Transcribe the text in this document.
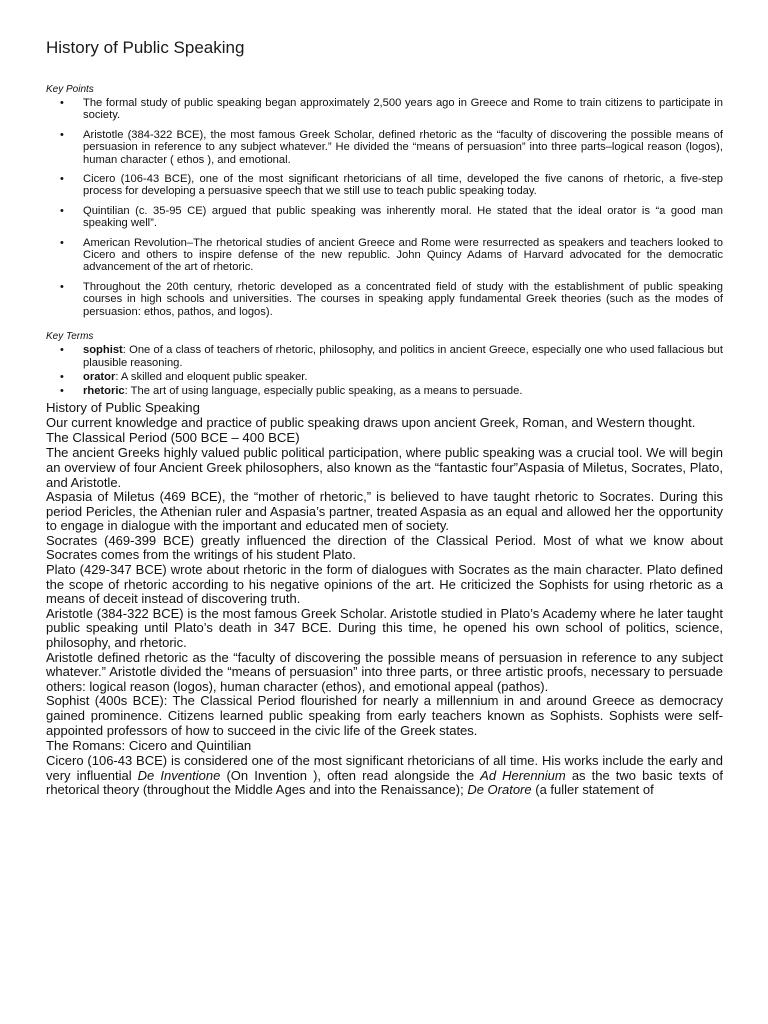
History of Public Speaking
Key Points
• The formal study of public speaking began approximately 2,500 years ago in Greece and Rome to train citizens to participate in society.
• Aristotle (384-322 BCE), the most famous Greek Scholar, defined rhetoric as the “faculty of discovering the possible means of persuasion in reference to any subject whatever.” He divided the “means of persuasion” into three parts–logical reason (logos), human character ( ethos ), and emotional.
• Cicero (106-43 BCE), one of the most significant rhetoricians of all time, developed the five canons of rhetoric, a five-step process for developing a persuasive speech that we still use to teach public speaking today.
• Quintilian (c. 35-95 CE) argued that public speaking was inherently moral. He stated that the ideal orator is “a good man speaking well”.
• American Revolution–The rhetorical studies of ancient Greece and Rome were resurrected as speakers and teachers looked to Cicero and others to inspire defense of the new republic. John Quincy Adams of Harvard advocated for the democratic advancement of the art of rhetoric.
• Throughout the 20th century, rhetoric developed as a concentrated field of study with the establishment of public speaking courses in high schools and universities. The courses in speaking apply fundamental Greek theories (such as the modes of persuasion: ethos, pathos, and logos).
Key Terms
• sophist: One of a class of teachers of rhetoric, philosophy, and politics in ancient Greece, especially one who used fallacious but plausible reasoning.
• orator: A skilled and eloquent public speaker.
• rhetoric: The art of using language, especially public speaking, as a means to persuade.
History of Public Speaking

Our current knowledge and practice of public speaking draws upon ancient Greek, Roman, and Western thought.

The Classical Period (500 BCE – 400 BCE)

The ancient Greeks highly valued public political participation, where public speaking was a crucial tool. We will begin an overview of four Ancient Greek philosophers, also known as the “fantastic four”Aspasia of Miletus, Socrates, Plato, and Aristotle.

Aspasia of Miletus (469 BCE), the “mother of rhetoric,” is believed to have taught rhetoric to Socrates. During this period Pericles, the Athenian ruler and Aspasia’s partner, treated Aspasia as an equal and allowed her the opportunity to engage in dialogue with the important and educated men of society.

Socrates (469-399 BCE) greatly influenced the direction of the Classical Period. Most of what we know about Socrates comes from the writings of his student Plato.

Plato (429-347 BCE) wrote about rhetoric in the form of dialogues with Socrates as the main character. Plato defined the scope of rhetoric according to his negative opinions of the art. He criticized the Sophists for using rhetoric as a means of deceit instead of discovering truth.

Aristotle (384-322 BCE) is the most famous Greek Scholar. Aristotle studied in Plato’s Academy where he later taught public speaking until Plato’s death in 347 BCE. During this time, he opened his own school of politics, science, philosophy, and rhetoric.

Aristotle defined rhetoric as the “faculty of discovering the possible means of persuasion in reference to any subject whatever.” Aristotle divided the “means of persuasion” into three parts, or three artistic proofs, necessary to persuade others: logical reason (logos), human character (ethos), and emotional appeal (pathos).

Sophist (400s BCE): The Classical Period flourished for nearly a millennium in and around Greece as democracy gained prominence. Citizens learned public speaking from early teachers known as Sophists. Sophists were self-appointed professors of how to succeed in the civic life of the Greek states.

The Romans: Cicero and Quintilian

Cicero (106-43 BCE) is considered one of the most significant rhetoricians of all time. His works include the early and very influential De Inventione (On Invention ), often read alongside the Ad Herennium as the two basic texts of rhetorical theory (throughout the Middle Ages and into the Renaissance); De Oratore (a fuller statement of
